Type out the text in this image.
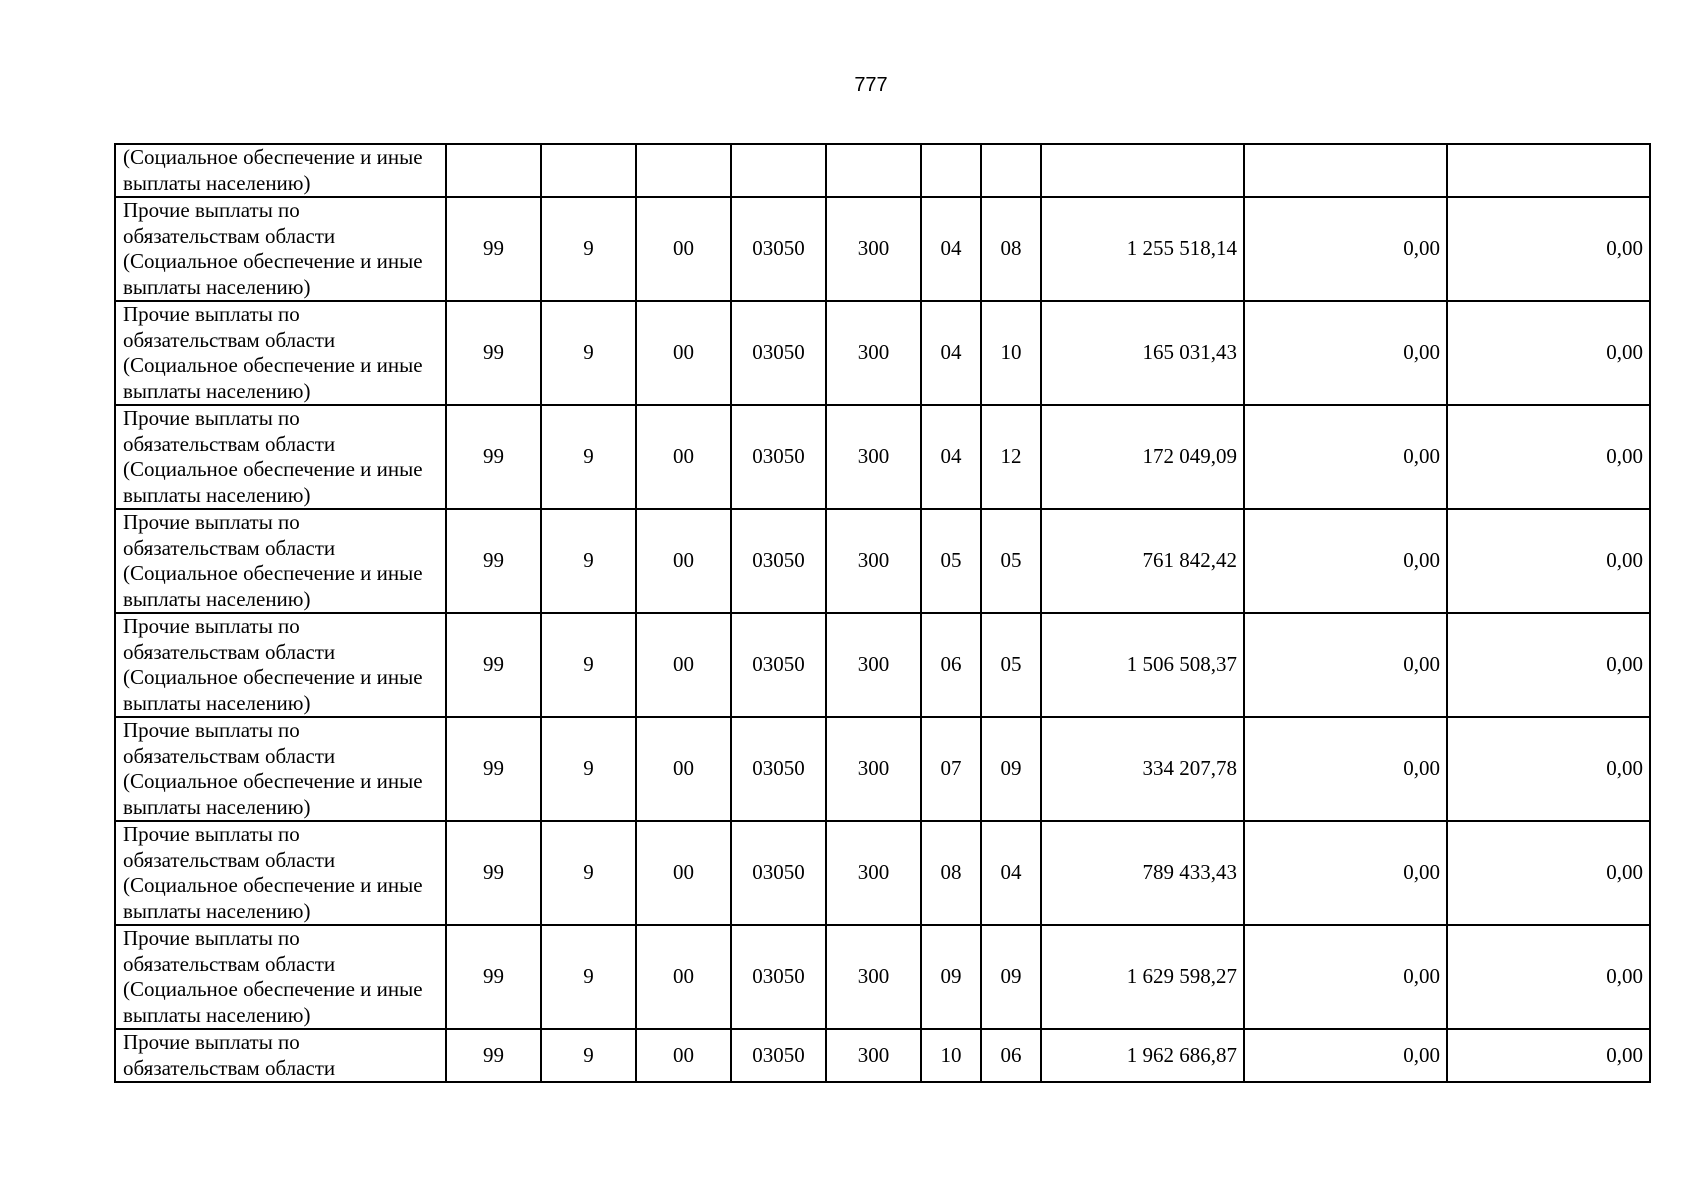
777
(Социальное обеспечение и иные выплаты населению)										

Прочие выплаты по
обязательствам области
(Социальное обеспечение и иные
выплаты населению)	99	9	00	03050	300	04	08	1 255 518,14	0,00	0,00

Прочие выплаты по
обязательствам области
(Социальное обеспечение и иные
выплаты населению)	99	9	00	03050	300	04	10	165 031,43	0,00	0,00

Прочие выплаты по
обязательствам области
(Социальное обеспечение и иные
выплаты населению)	99	9	00	03050	300	04	12	172 049,09	0,00	0,00

Прочие выплаты по
обязательствам области
(Социальное обеспечение и иные
выплаты населению)	99	9	00	03050	300	05	05	761 842,42	0,00	0,00

Прочие выплаты по
обязательствам области
(Социальное обеспечение и иные
выплаты населению)	99	9	00	03050	300	06	05	1 506 508,37	0,00	0,00

Прочие выплаты по
обязательствам области
(Социальное обеспечение и иные
выплаты населению)	99	9	00	03050	300	07	09	334 207,78	0,00	0,00

Прочие выплаты по
обязательствам области
(Социальное обеспечение и иные
выплаты населению)	99	9	00	03050	300	08	04	789 433,43	0,00	0,00

Прочие выплаты по
обязательствам области
(Социальное обеспечение и иные
выплаты населению)	99	9	00	03050	300	09	09	1 629 598,27	0,00	0,00

Прочие выплаты по
обязательствам области	99	9	00	03050	300	10	06	1 962 686,87	0,00	0,00
